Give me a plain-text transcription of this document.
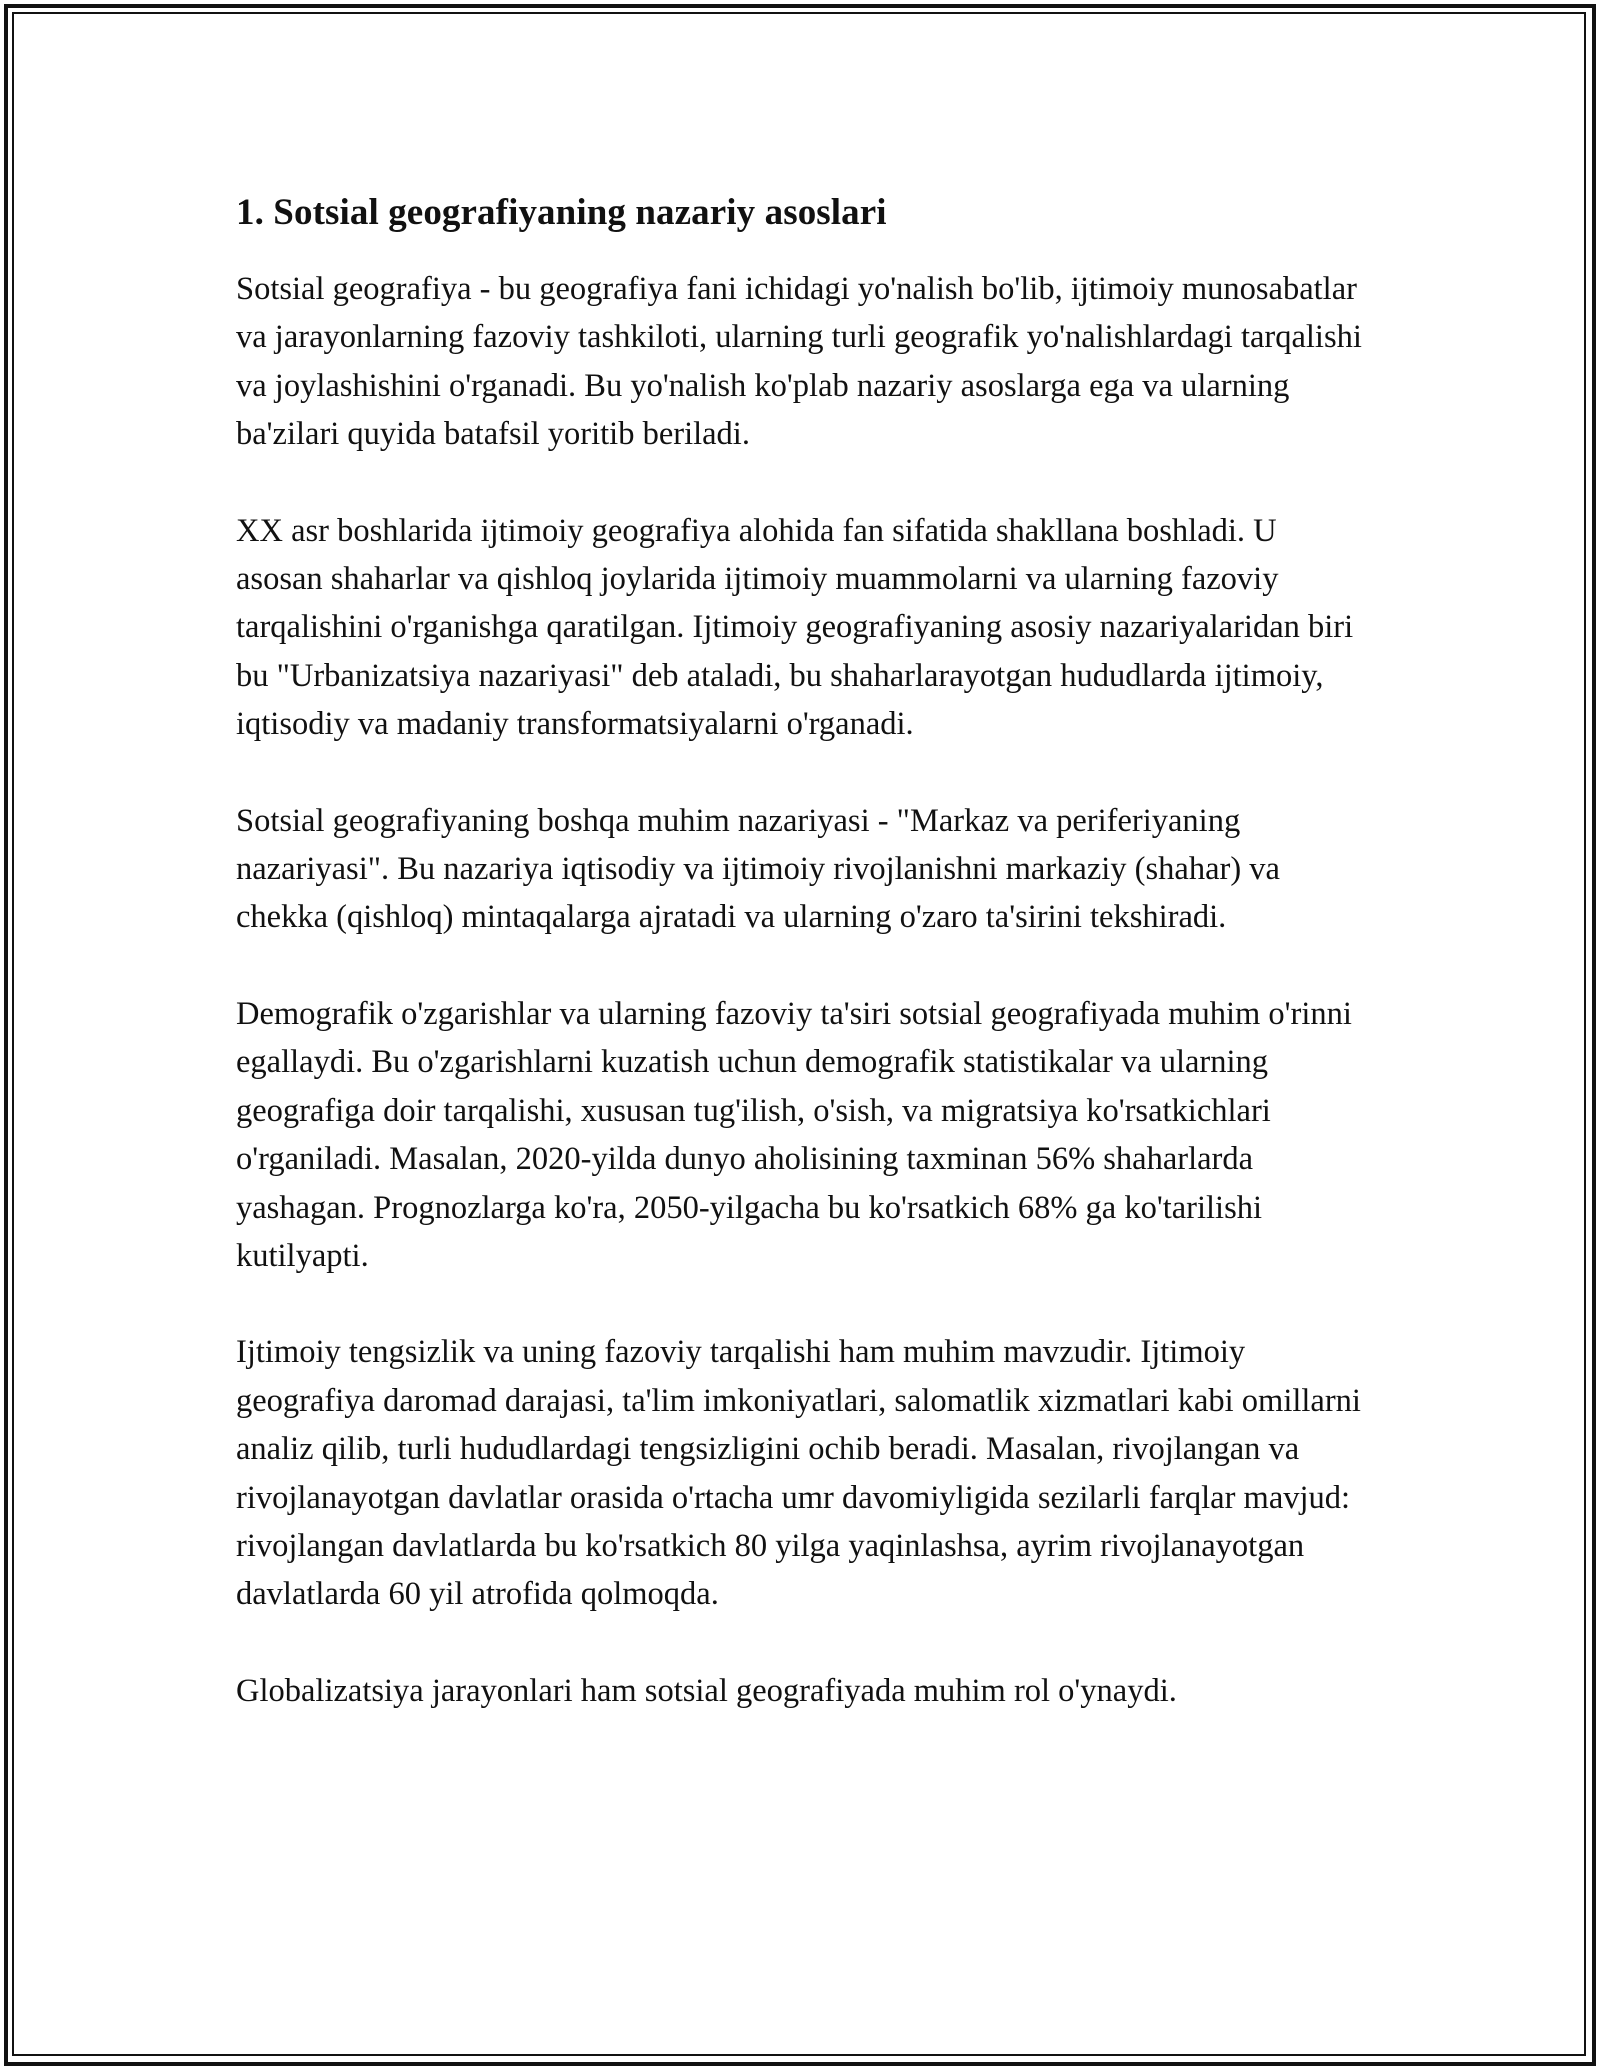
1. Sotsial geografiyaning nazariy asoslari

Sotsial geografiya - bu geografiya fani ichidagi yo'nalish bo'lib, ijtimoiy munosabatlar va jarayonlarning fazoviy tashkiloti, ularning turli geografik yo'nalishlardagi tarqalishi va joylashishini o'rganadi. Bu yo'nalish ko'plab nazariy asoslarga ega va ularning ba'zilari quyida batafsil yoritib beriladi.

XX asr boshlarida ijtimoiy geografiya alohida fan sifatida shakllana boshladi. U asosan shaharlar va qishloq joylarida ijtimoiy muammolarni va ularning fazoviy tarqalishini o'rganishga qaratilgan. Ijtimoiy geografiyaning asosiy nazariyalaridan biri bu "Urbanizatsiya nazariyasi" deb ataladi, bu shaharlarayotgan hududlarda ijtimoiy, iqtisodiy va madaniy transformatsiyalarni o'rganadi.

Sotsial geografiyaning boshqa muhim nazariyasi - "Markaz va periferiyaning nazariyasi". Bu nazariya iqtisodiy va ijtimoiy rivojlanishni markaziy (shahar) va chekka (qishloq) mintaqalarga ajratadi va ularning o'zaro ta'sirini tekshiradi.

Demografik o'zgarishlar va ularning fazoviy ta'siri sotsial geografiyada muhim o'rinni egallaydi. Bu o'zgarishlarni kuzatish uchun demografik statistikalar va ularning geografiga doir tarqalishi, xususan tug'ilish, o'sish, va migratsiya ko'rsatkichlari o'rganiladi. Masalan, 2020-yilda dunyo aholisining taxminan 56% shaharlarda yashagan. Prognozlarga ko'ra, 2050-yilgacha bu ko'rsatkich 68% ga ko'tarilishi kutilyapti.

Ijtimoiy tengsizlik va uning fazoviy tarqalishi ham muhim mavzudir. Ijtimoiy geografiya daromad darajasi, ta'lim imkoniyatlari, salomatlik xizmatlari kabi omillarni analiz qilib, turli hududlardagi tengsizligini ochib beradi. Masalan, rivojlangan va rivojlanayotgan davlatlar orasida o'rtacha umr davomiyligida sezilarli farqlar mavjud: rivojlangan davlatlarda bu ko'rsatkich 80 yilga yaqinlashsa, ayrim rivojlanayotgan davlatlarda 60 yil atrofida qolmoqda.

Globalizatsiya jarayonlari ham sotsial geografiyada muhim rol o'ynaydi.
